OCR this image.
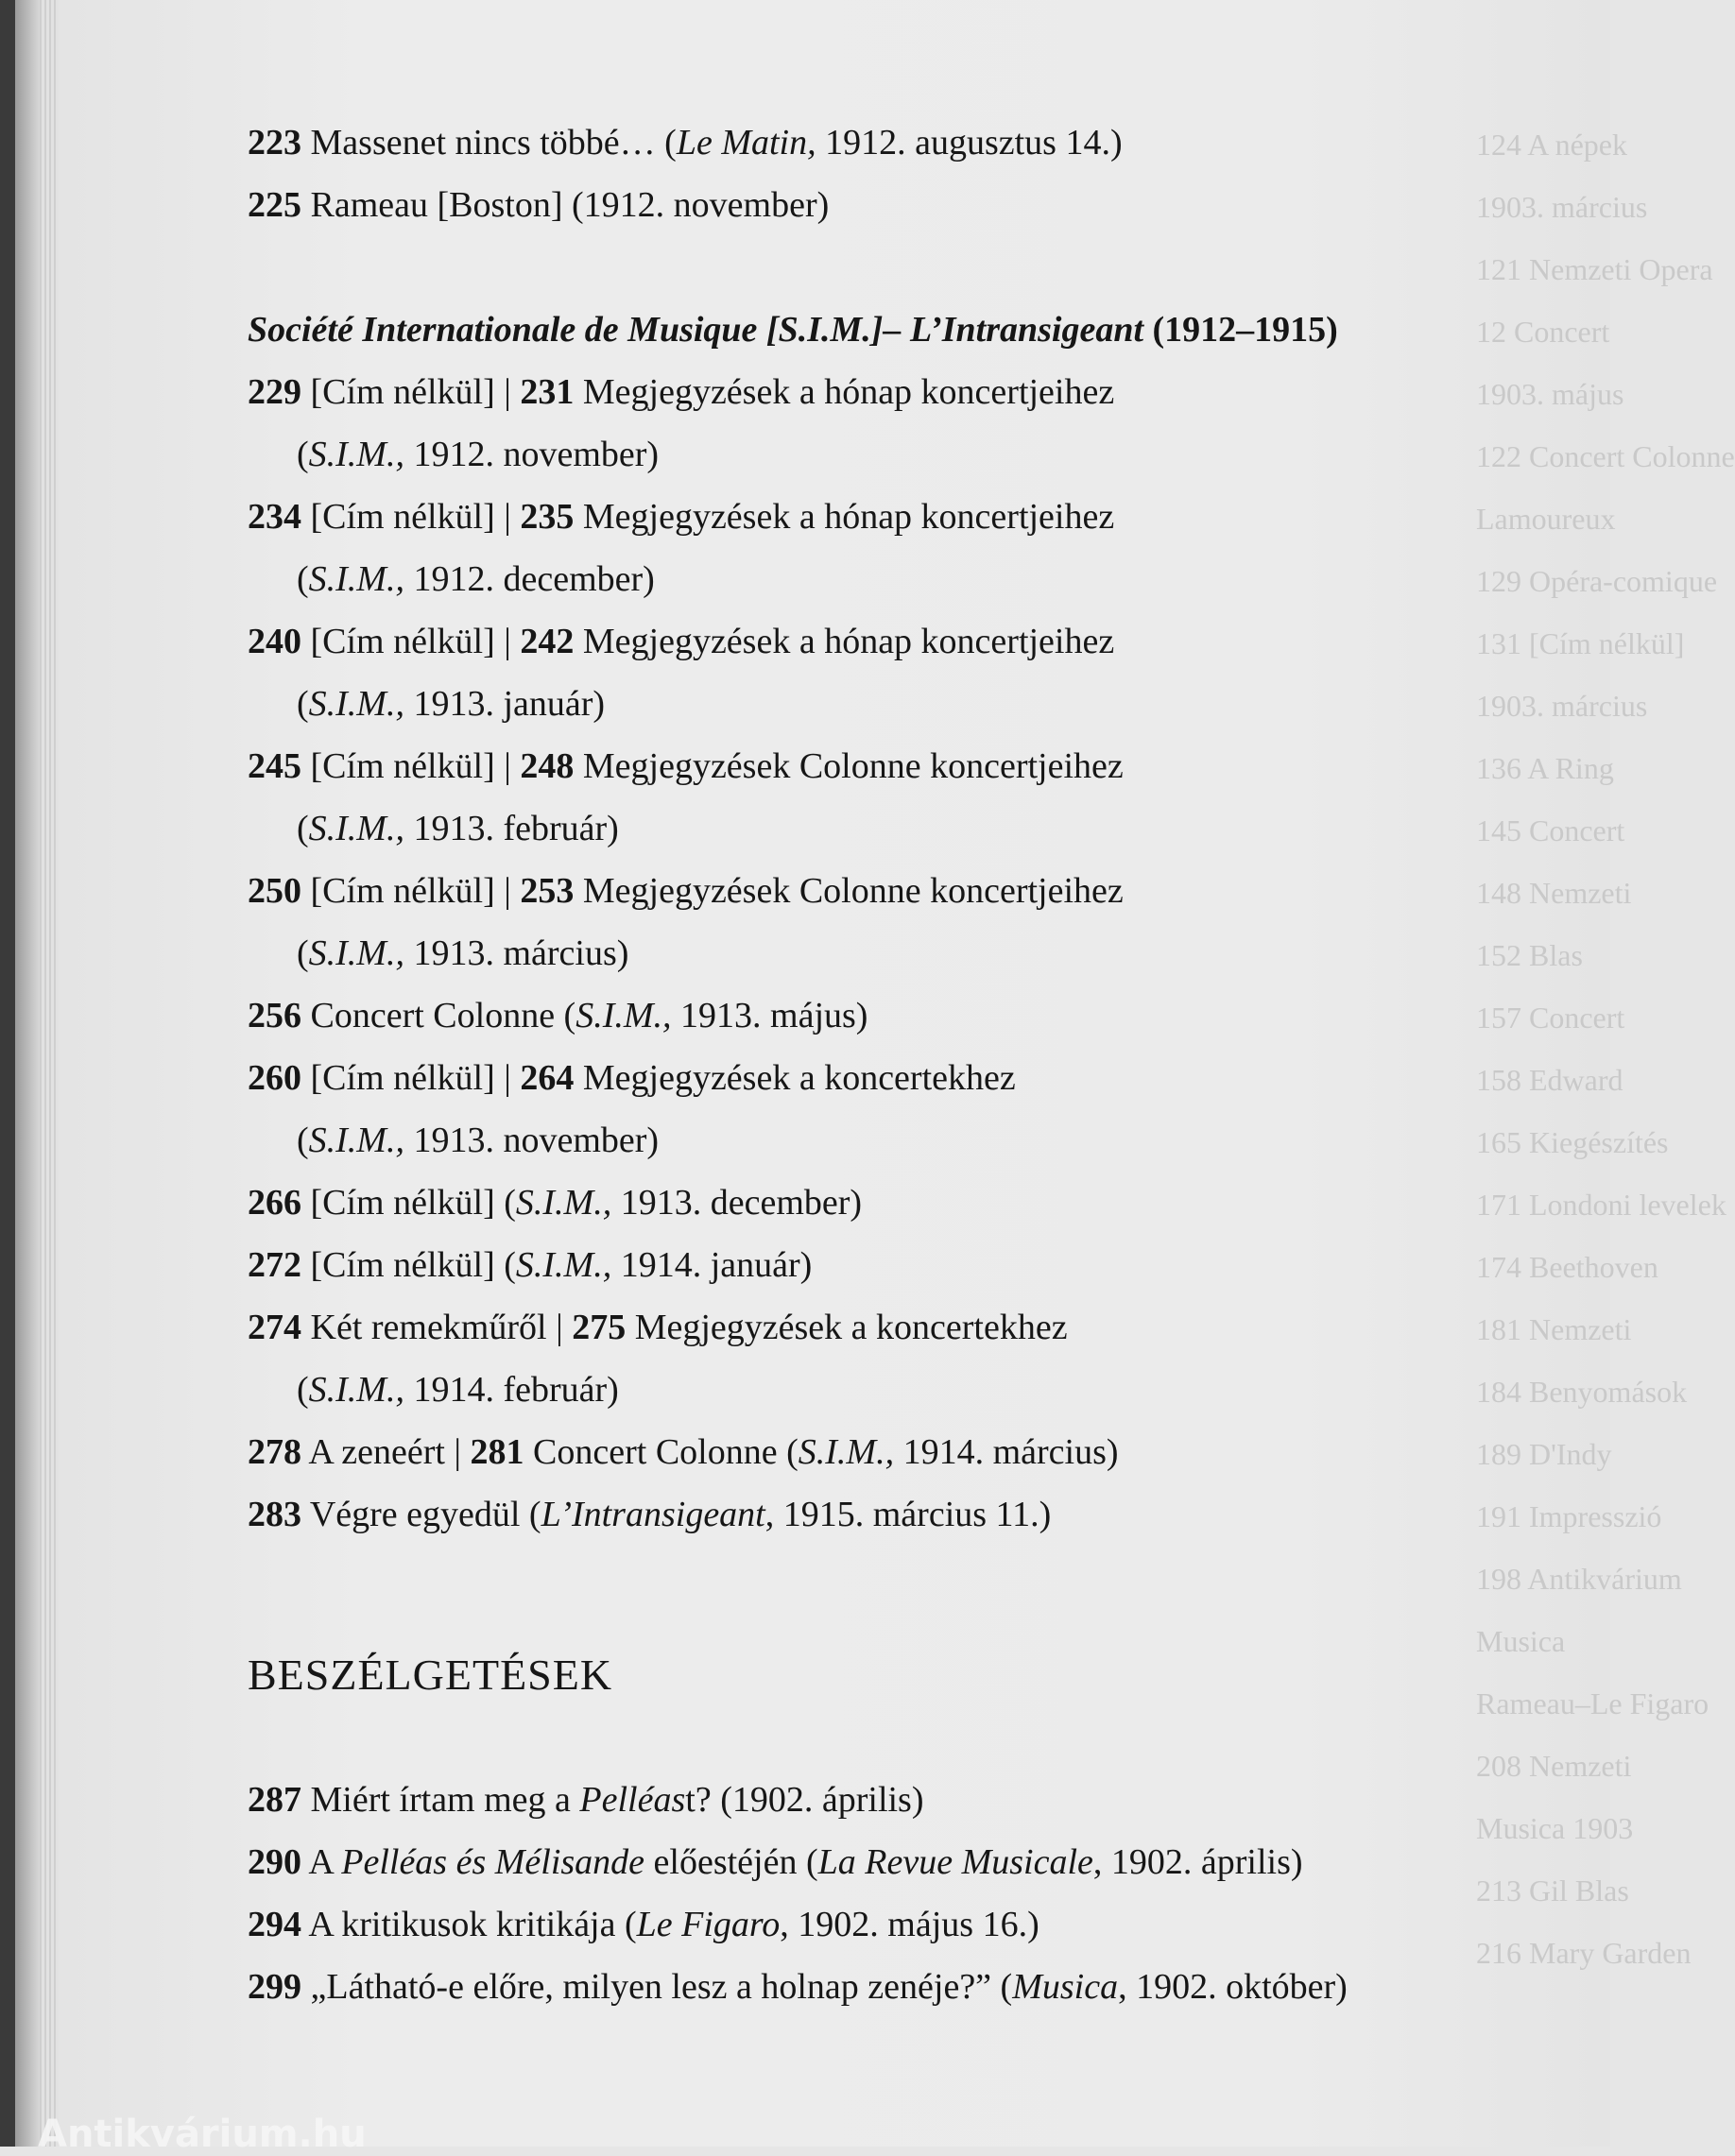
124 A népek
1903. március
121 Nemzeti Opera
12 Concert
1903. május
122 Concert Colonne
Lamoureux
129 Opéra-comique
131 [Cím nélkül]
1903. március
136 A Ring
145 Concert
148 Nemzeti
152 Blas
157 Concert
158 Edward
165 Kiegészítés
171 Londoni levelek
174 Beethoven
181 Nemzeti
184 Benyomások
189 D'Indy
191 Impresszió
198 Antikvárium
Musica
Rameau–Le Figaro
208 Nemzeti
Musica 1903
213 Gil Blas
216 Mary Garden
223 Massenet nincs többé… (Le Matin, 1912. augusztus 14.)
225 Rameau [Boston] (1912. november)
Société Internationale de Musique [S.I.M.]– L’Intransigeant (1912–1915)
229 [Cím nélkül] | 231 Megjegyzések a hónap koncertjeihez
(S.I.M., 1912. november)
234 [Cím nélkül] | 235 Megjegyzések a hónap koncertjeihez
(S.I.M., 1912. december)
240 [Cím nélkül] | 242 Megjegyzések a hónap koncertjeihez
(S.I.M., 1913. január)
245 [Cím nélkül] | 248 Megjegyzések Colonne koncertjeihez
(S.I.M., 1913. február)
250 [Cím nélkül] | 253 Megjegyzések Colonne koncertjeihez
(S.I.M., 1913. március)
256 Concert Colonne (S.I.M., 1913. május)
260 [Cím nélkül] | 264 Megjegyzések a koncertekhez
(S.I.M., 1913. november)
266 [Cím nélkül] (S.I.M., 1913. december)
272 [Cím nélkül] (S.I.M., 1914. január)
274 Két remekműről | 275 Megjegyzések a koncertekhez
(S.I.M., 1914. február)
278 A zeneért | 281 Concert Colonne (S.I.M., 1914. március)
283 Végre egyedül (L’Intransigeant, 1915. március 11.)
BESZÉLGETÉSEK
287 Miért írtam meg a Pelléast? (1902. április)
290 A Pelléas és Mélisande előestéjén (La Revue Musicale, 1902. április)
294 A kritikusok kritikája (Le Figaro, 1902. május 16.)
299 „Látható-e előre, milyen lesz a holnap zenéje?” (Musica, 1902. október)
Antikvárium.hu
